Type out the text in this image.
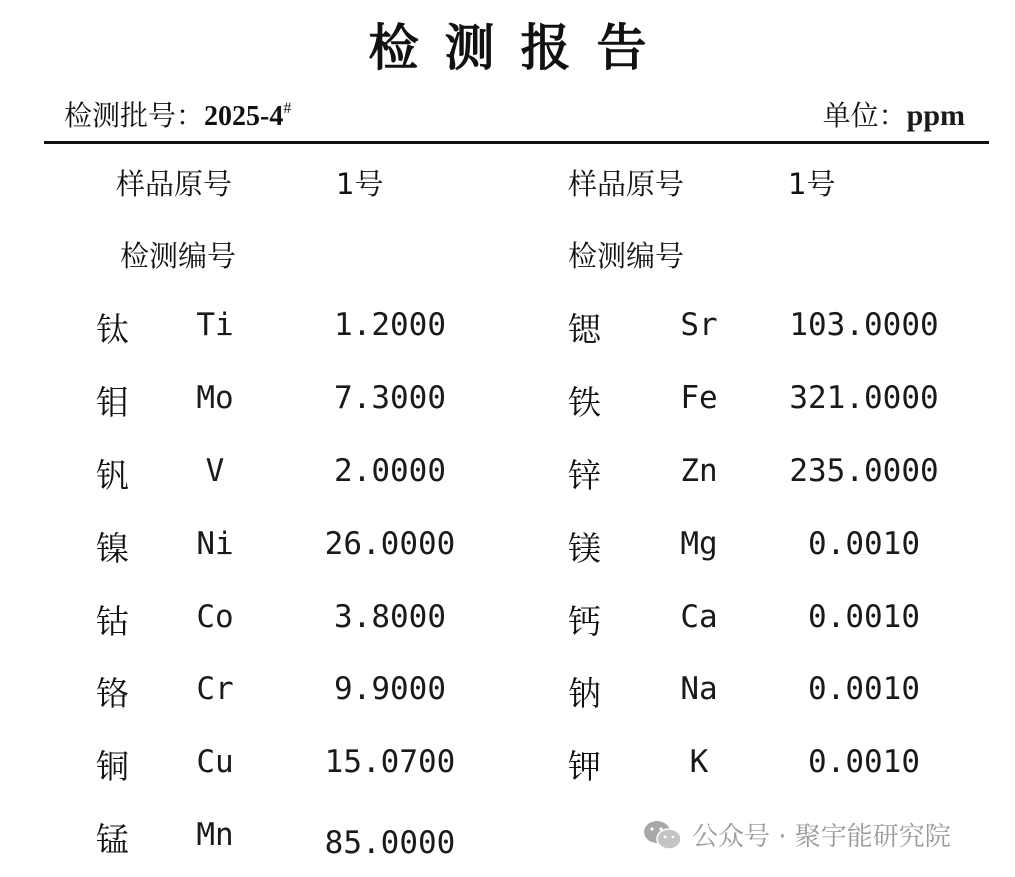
检测报告
检测批号：2025-4#	单位：ppm
样品原号	1号
检测编号
样品原号	1号
检测编号
钛	Ti	1.2000
钼	Mo	7.3000
钒	V	2.0000
镍	Ni	26.0000
钴	Co	3.8000
铬	Cr	9.9000
铜	Cu	15.0700
锰	Mn	85.0000
锶	Sr	103.0000
铁	Fe	321.0000
锌	Zn	235.0000
镁	Mg	0.0010
钙	Ca	0.0010
钠	Na	0.0010
钾	K	0.0010
公众号 · 聚宇能研究院
